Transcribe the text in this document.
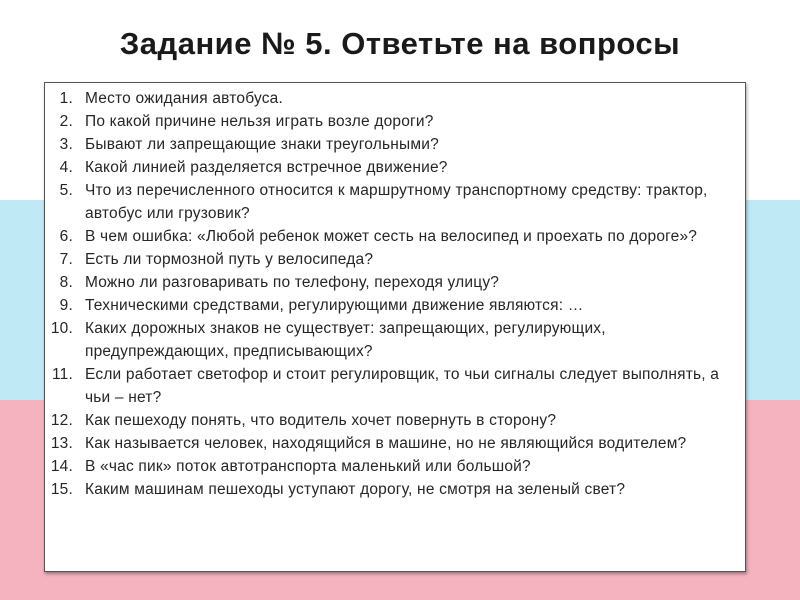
Задание № 5. Ответьте на вопросы
1. Место ожидания автобуса.
2. По какой причине нельзя играть возле дороги?
3. Бывают ли запрещающие знаки треугольными?
4. Какой линией разделяется встречное движение?
5. Что из перечисленного относится к маршрутному транспортному средству: трактор, автобус или грузовик?
6. В чем ошибка: «Любой ребенок может сесть на велосипед и проехать по дороге»?
7. Есть ли тормозной путь у велосипеда?
8. Можно ли разговаривать по телефону, переходя улицу?
9. Техническими средствами, регулирующими движение являются: …
10. Каких дорожных знаков не существует: запрещающих, регулирующих, предупреждающих, предписывающих?
11. Если работает светофор и стоит регулировщик, то чьи сигналы следует выполнять, а чьи – нет?
12. Как пешеходу понять, что водитель хочет повернуть в сторону?
13. Как называется человек, находящийся в машине, но не являющийся водителем?
14. В «час пик» поток автотранспорта маленький или большой?
15. Каким машинам пешеходы уступают дорогу, не смотря на зеленый свет?
